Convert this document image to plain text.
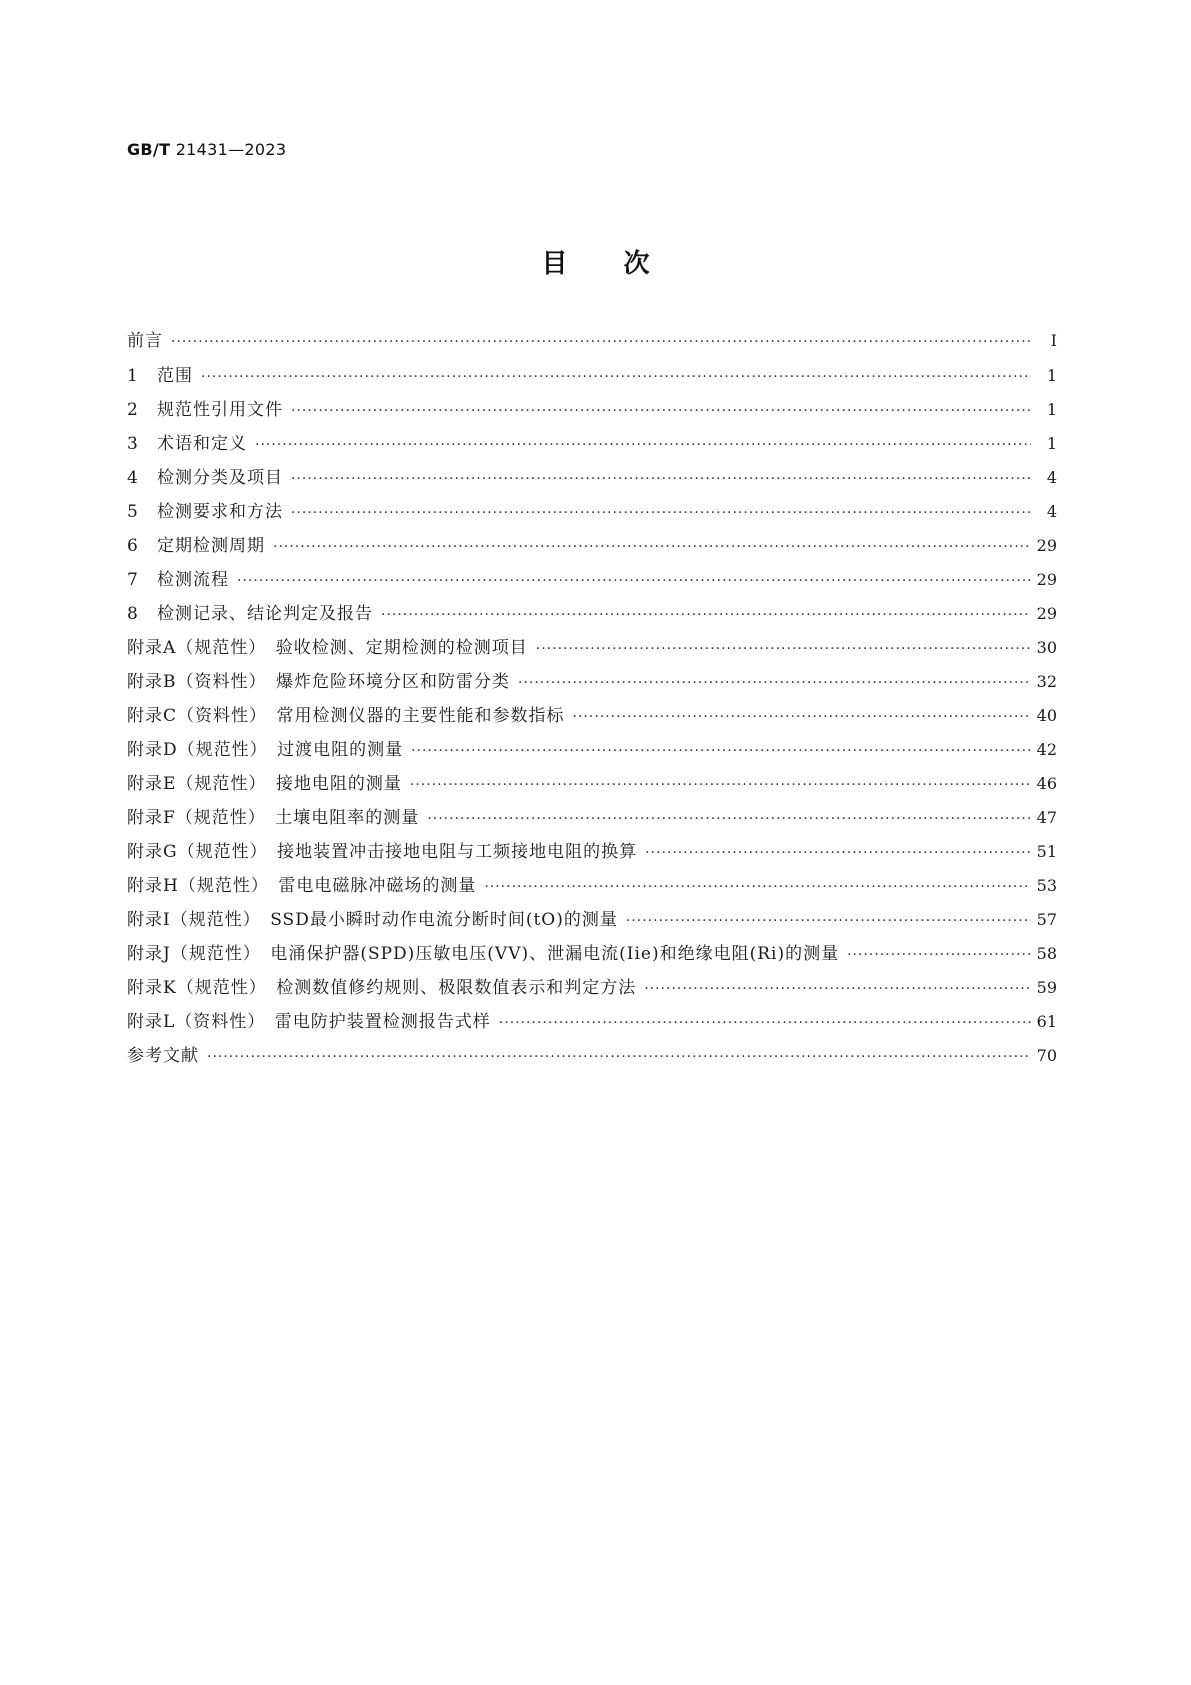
GB/T 21431—2023
目次
前言 ·····	Ⅰ
1	范围 ·····	1
2	规范性引用文件 ·····	1
3	术语和定义 ·····	1
4	检测分类及项目 ·····	4
5	检测要求和方法 ·····	4
6	定期检测周期 ·····	29
7	检测流程 ·····	29
8	检测记录、结论判定及报告 ·····	29
附录A（规范性）　验收检测、定期检测的检测项目 ·····	30
附录B（资料性）　爆炸危险环境分区和防雷分类 ·····	32
附录C（资料性）　常用检测仪器的主要性能和参数指标 ·····	40
附录D（规范性）　过渡电阻的测量 ·····	42
附录E（规范性）　接地电阻的测量 ·····	46
附录F（规范性）　土壤电阻率的测量 ·····	47
附录G（规范性）　接地装置冲击接地电阻与工频接地电阻的换算 ·····	51
附录H（规范性）　雷电电磁脉冲磁场的测量 ·····	53
附录I（规范性）　SSD最小瞬时动作电流分断时间(tO)的测量 ·····	57
附录J（规范性）　电涌保护器(SPD)压敏电压(VV)、泄漏电流(Iie)和绝缘电阻(Ri)的测量 ·····	58
附录K（规范性）　检测数值修约规则、极限数值表示和判定方法 ·····	59
附录L（资料性）　雷电防护装置检测报告式样 ·····	61
参考文献 ·····	70
